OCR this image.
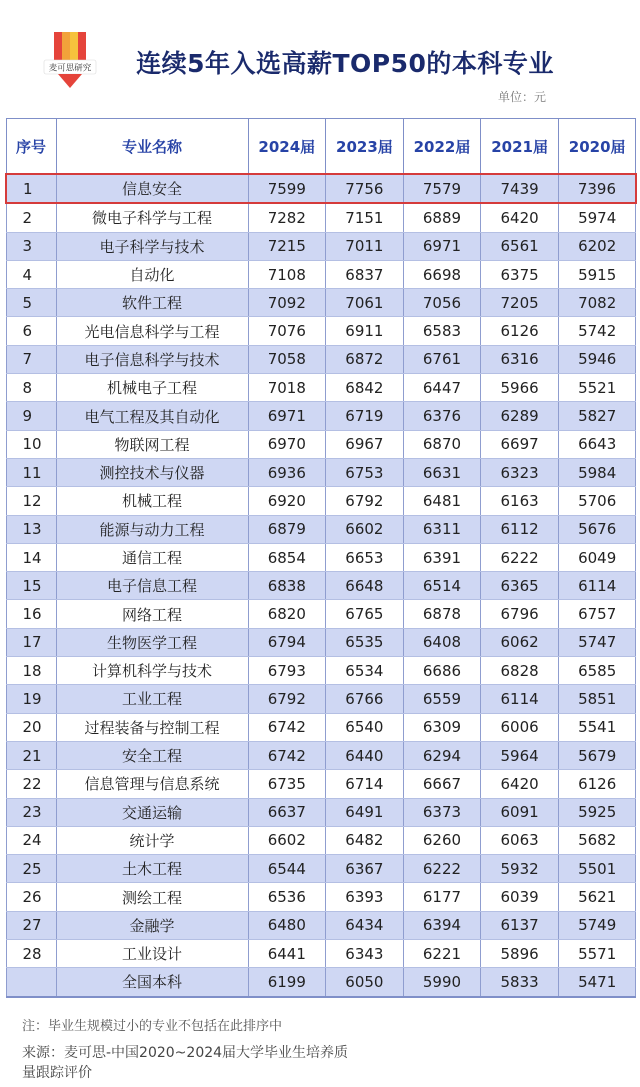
麦可思研究	连续5年入选高薪TOP50的本科专业
单位：元
序号	专业名称	2024届	2023届	2022届	2021届	2020届
1	信息安全	7599	7756	7579	7439	7396
2	微电子科学与工程	7282	7151	6889	6420	5974
3	电子科学与技术	7215	7011	6971	6561	6202
4	自动化	7108	6837	6698	6375	5915
5	软件工程	7092	7061	7056	7205	7082
6	光电信息科学与工程	7076	6911	6583	6126	5742
7	电子信息科学与技术	7058	6872	6761	6316	5946
8	机械电子工程	7018	6842	6447	5966	5521
9	电气工程及其自动化	6971	6719	6376	6289	5827
10	物联网工程	6970	6967	6870	6697	6643
11	测控技术与仪器	6936	6753	6631	6323	5984
12	机械工程	6920	6792	6481	6163	5706
13	能源与动力工程	6879	6602	6311	6112	5676
14	通信工程	6854	6653	6391	6222	6049
15	电子信息工程	6838	6648	6514	6365	6114
16	网络工程	6820	6765	6878	6796	6757
17	生物医学工程	6794	6535	6408	6062	5747
18	计算机科学与技术	6793	6534	6686	6828	6585
19	工业工程	6792	6766	6559	6114	5851
20	过程装备与控制工程	6742	6540	6309	6006	5541
21	安全工程	6742	6440	6294	5964	5679
22	信息管理与信息系统	6735	6714	6667	6420	6126
23	交通运输	6637	6491	6373	6091	5925
24	统计学	6602	6482	6260	6063	5682
25	土木工程	6544	6367	6222	5932	5501
26	测绘工程	6536	6393	6177	6039	5621
27	金融学	6480	6434	6394	6137	5749
28	工业设计	6441	6343	6221	5896	5571
	全国本科	6199	6050	5990	5833	5471
注：毕业生规模过小的专业不包括在此排序中
来源：麦可思-中国2020~2024届大学毕业生培养质量跟踪评价
